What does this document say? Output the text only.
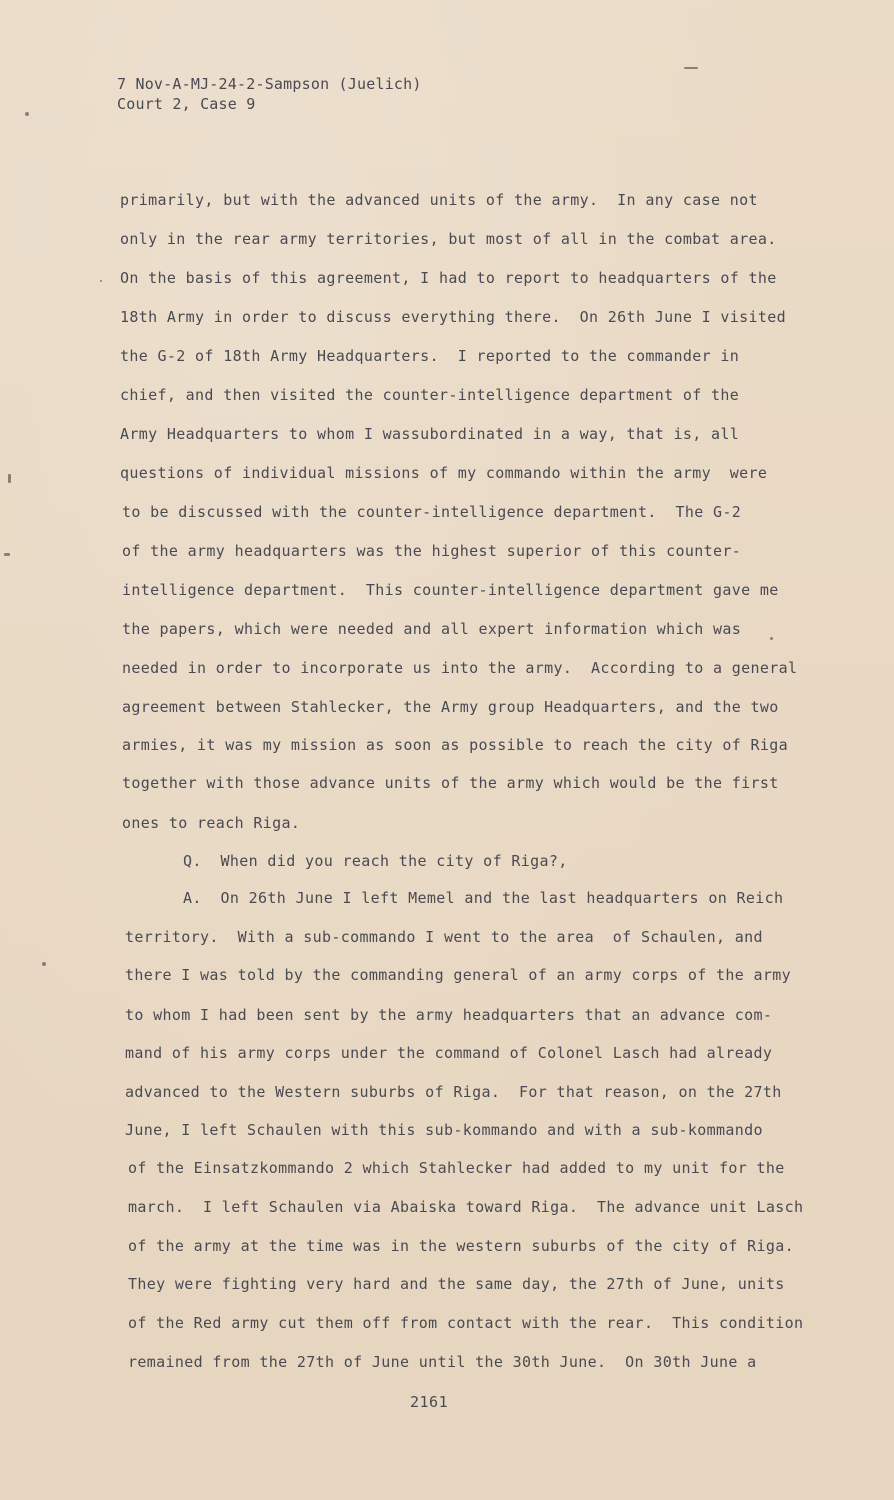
7 Nov-A-MJ-24-2-Sampson (Juelich)
Court 2, Case 9
primarily, but with the advanced units of the army.  In any case not
only in the rear army territories, but most of all in the combat area.
On the basis of this agreement, I had to report to headquarters of the
18th Army in order to discuss everything there.  On 26th June I visited
the G-2 of 18th Army Headquarters.  I reported to the commander in
chief, and then visited the counter-intelligence department of the
Army Headquarters to whom I wassubordinated in a way, that is, all
questions of individual missions of my commando within the army  were
to be discussed with the counter-intelligence department.  The G-2
of the army headquarters was the highest superior of this counter-
intelligence department.  This counter-intelligence department gave me
the papers, which were needed and all expert information which was
needed in order to incorporate us into the army.  According to a general
agreement between Stahlecker, the Army group Headquarters, and the two
armies, it was my mission as soon as possible to reach the city of Riga
together with those advance units of the army which would be the first
ones to reach Riga.
Q.  When did you reach the city of Riga?,
A.  On 26th June I left Memel and the last headquarters on Reich
territory.  With a sub-commando I went to the area  of Schaulen, and
there I was told by the commanding general of an army corps of the army
to whom I had been sent by the army headquarters that an advance com-
mand of his army corps under the command of Colonel Lasch had already
advanced to the Western suburbs of Riga.  For that reason, on the 27th
June, I left Schaulen with this sub-kommando and with a sub-kommando
of the Einsatzkommando 2 which Stahlecker had added to my unit for the
march.  I left Schaulen via Abaiska toward Riga.  The advance unit Lasch
of the army at the time was in the western suburbs of the city of Riga.
They were fighting very hard and the same day, the 27th of June, units
of the Red army cut them off from contact with the rear.  This condition
remained from the 27th of June until the 30th June.  On 30th June a
2161
